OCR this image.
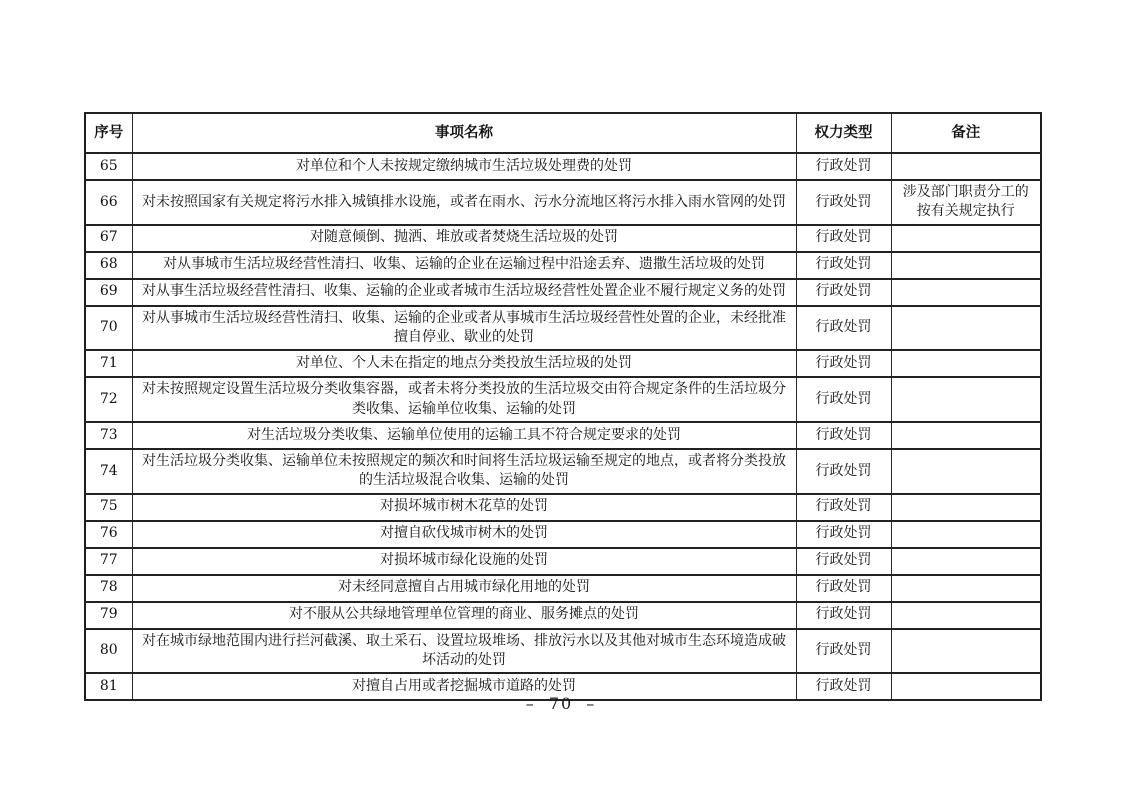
序号	事项名称	权力类型	备注
65	对单位和个人未按规定缴纳城市生活垃圾处理费的处罚	行政处罚	
66	对未按照国家有关规定将污水排入城镇排水设施，或者在雨水、污水分流地区将污水排入雨水管网的处罚	行政处罚	涉及部门职责分工的按有关规定执行
67	对随意倾倒、抛洒、堆放或者焚烧生活垃圾的处罚	行政处罚	
68	对从事城市生活垃圾经营性清扫、收集、运输的企业在运输过程中沿途丢弃、遗撒生活垃圾的处罚	行政处罚	
69	对从事生活垃圾经营性清扫、收集、运输的企业或者城市生活垃圾经营性处置企业不履行规定义务的处罚	行政处罚	
70	对从事城市生活垃圾经营性清扫、收集、运输的企业或者从事城市生活垃圾经营性处置的企业，未经批准擅自停业、歇业的处罚	行政处罚	
71	对单位、个人未在指定的地点分类投放生活垃圾的处罚	行政处罚	
72	对未按照规定设置生活垃圾分类收集容器，或者未将分类投放的生活垃圾交由符合规定条件的生活垃圾分类收集、运输单位收集、运输的处罚	行政处罚	
73	对生活垃圾分类收集、运输单位使用的运输工具不符合规定要求的处罚	行政处罚	
74	对生活垃圾分类收集、运输单位未按照规定的频次和时间将生活垃圾运输至规定的地点，或者将分类投放的生活垃圾混合收集、运输的处罚	行政处罚	
75	对损坏城市树木花草的处罚	行政处罚	
76	对擅自砍伐城市树木的处罚	行政处罚	
77	对损坏城市绿化设施的处罚	行政处罚	
78	对未经同意擅自占用城市绿化用地的处罚	行政处罚	
79	对不服从公共绿地管理单位管理的商业、服务摊点的处罚	行政处罚	
80	对在城市绿地范围内进行拦河截溪、取土采石、设置垃圾堆场、排放污水以及其他对城市生态环境造成破坏活动的处罚	行政处罚	
81	对擅自占用或者挖掘城市道路的处罚	行政处罚	
– 70 –
